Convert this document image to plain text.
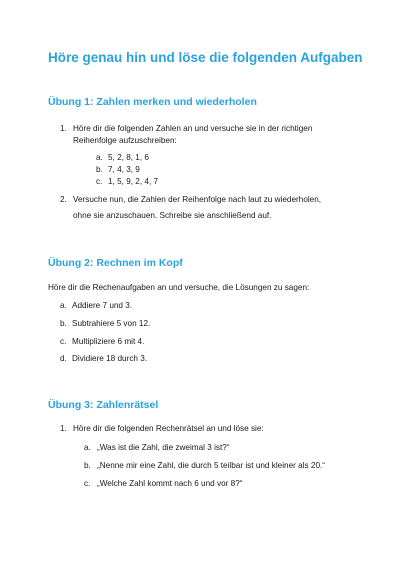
Höre genau hin und löse die folgenden Aufgaben
Übung 1: Zahlen merken und wiederholen
1. Höre dir die folgenden Zahlen an und versuche sie in der richtigen
Reihenfolge aufzuschreiben:
a. 5, 2, 8, 1, 6
b. 7, 4, 3, 9
c. 1, 5, 9, 2, 4, 7
2. Versuche nun, die Zahlen der Reihenfolge nach laut zu wiederholen,
ohne sie anzuschauen. Schreibe sie anschließend auf.
Übung 2: Rechnen im Kopf
Höre dir die Rechenaufgaben an und versuche, die Lösungen zu sagen:
a. Addiere 7 und 3.
b. Subtrahiere 5 von 12.
c. Multipliziere 6 mit 4.
d. Dividiere 18 durch 3.
Übung 3: Zahlenrätsel
1. Höre dir die folgenden Rechenrätsel an und löse sie:
a. „Was ist die Zahl, die zweimal 3 ist?“
b. „Nenne mir eine Zahl, die durch 5 teilbar ist und kleiner als 20.“
c. „Welche Zahl kommt nach 6 und vor 8?“
